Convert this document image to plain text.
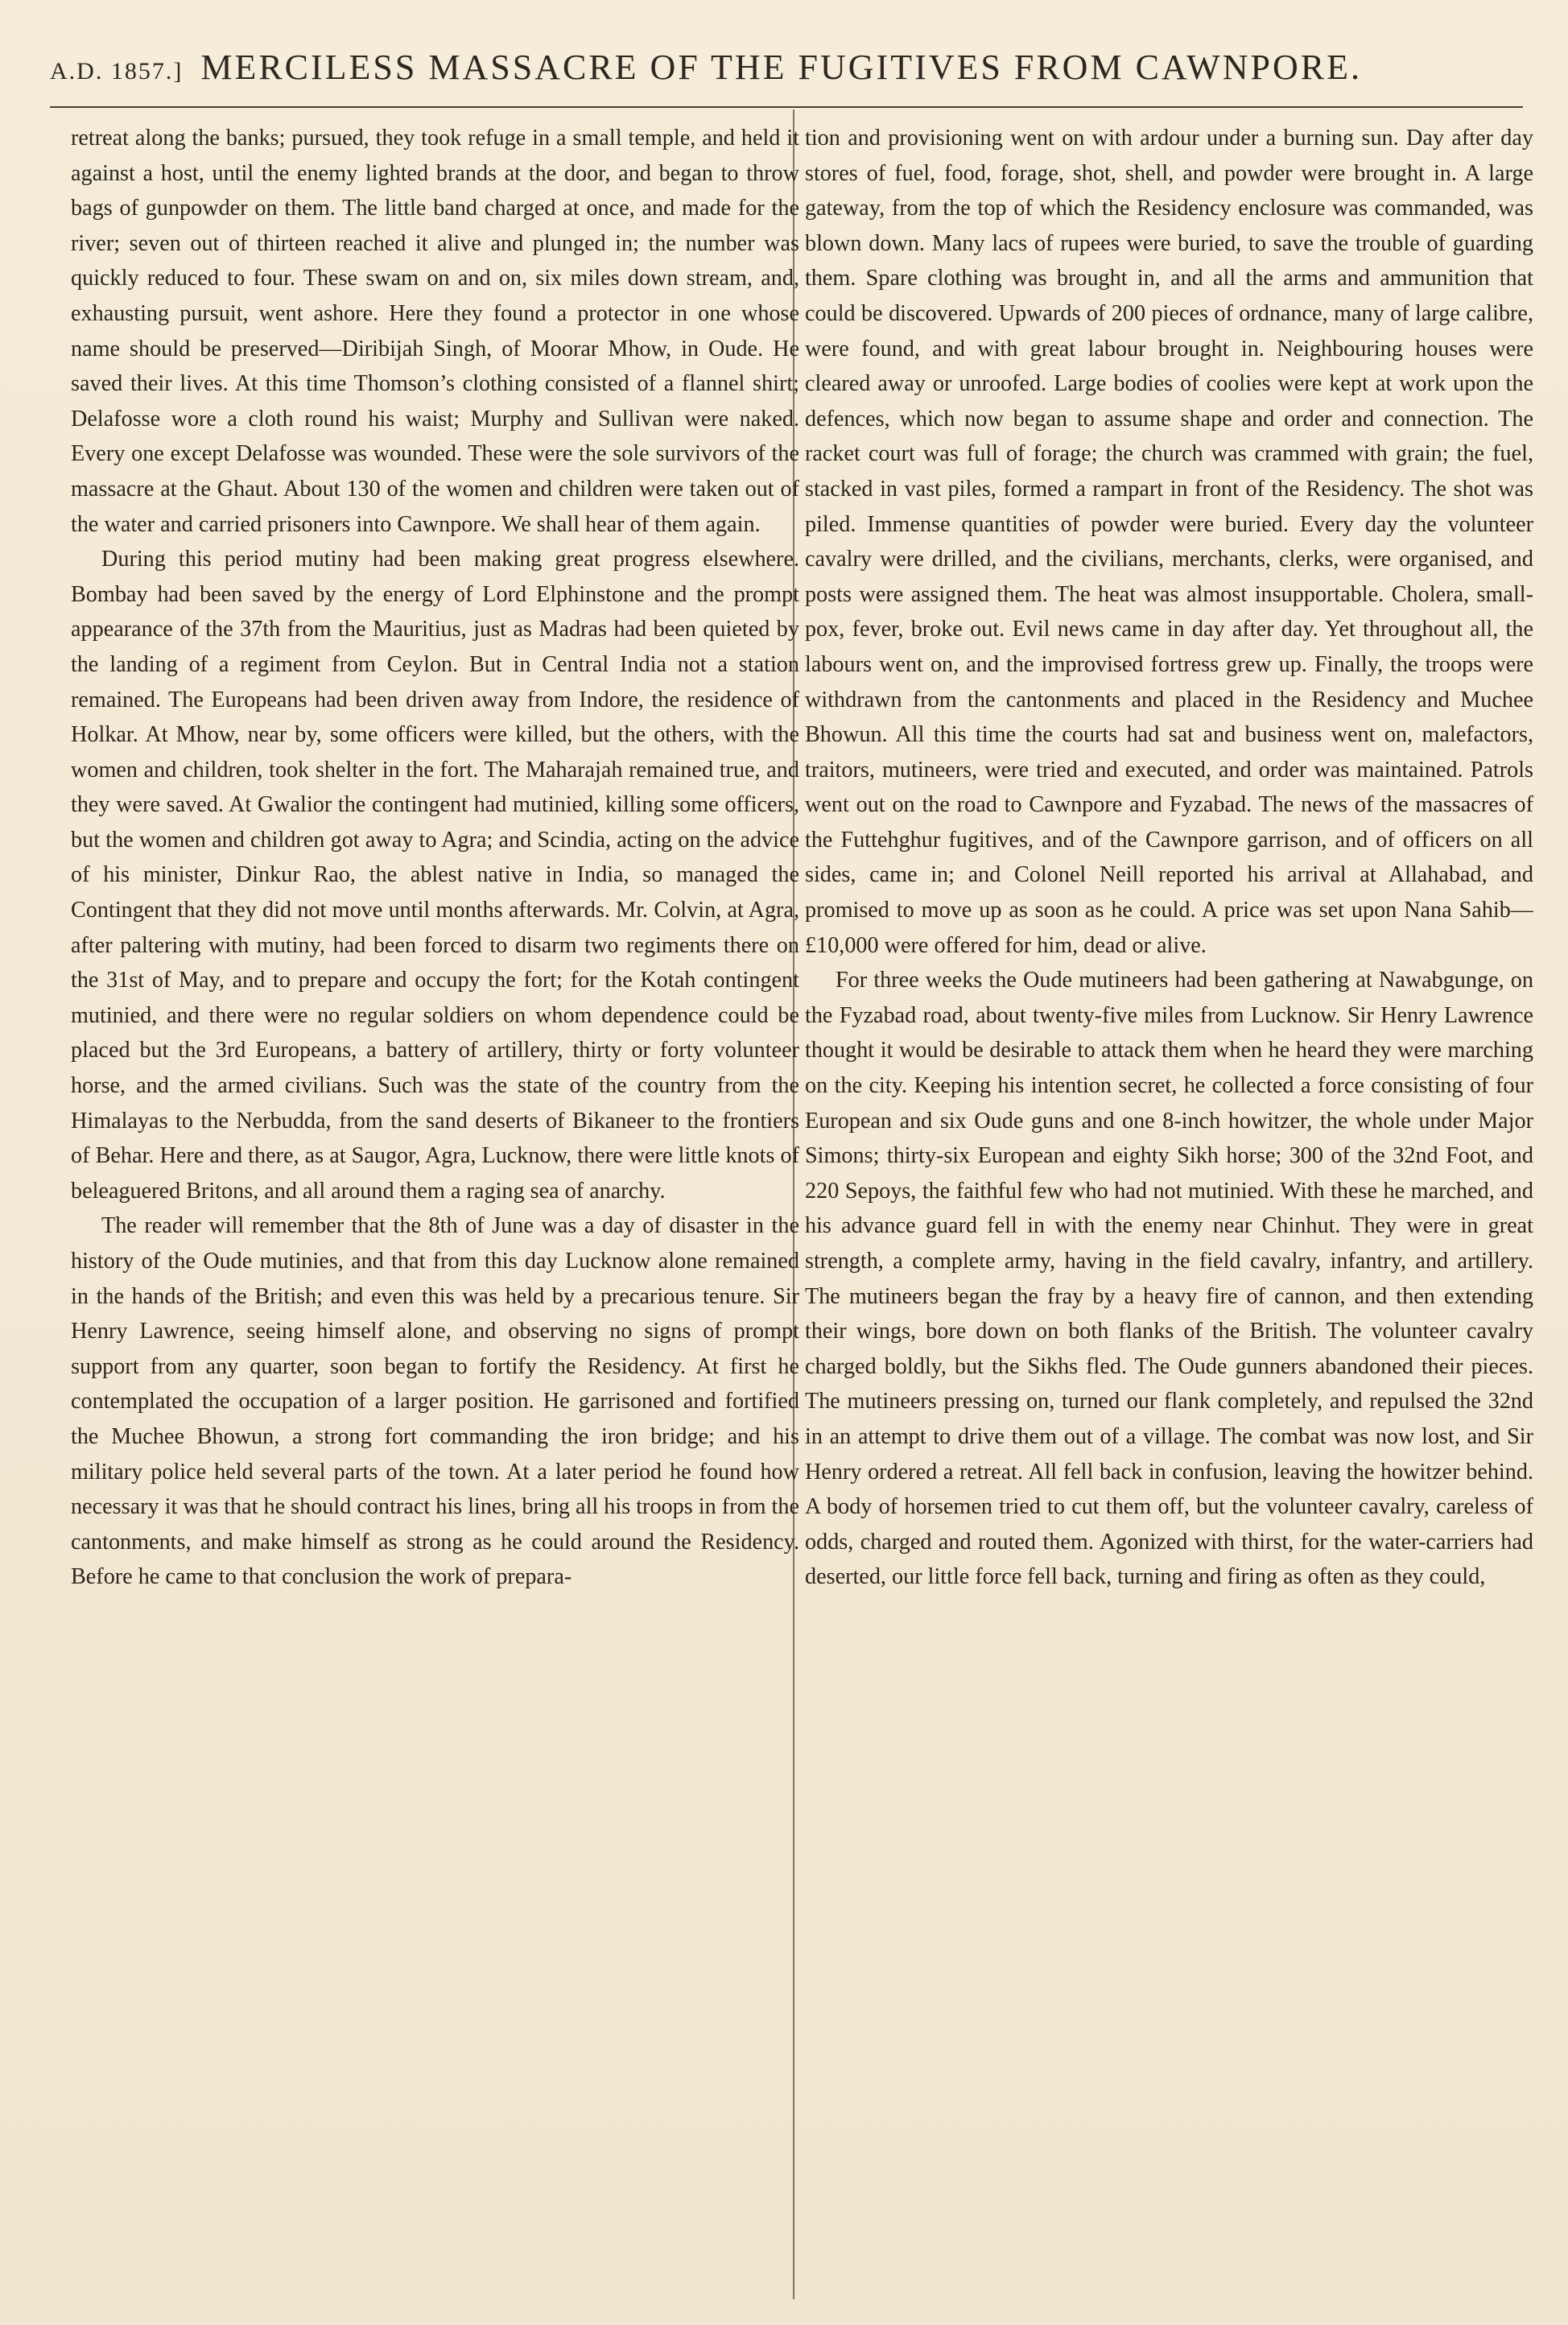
A.D. 1857.] MERCILESS MASSACRE OF THE FUGITIVES FROM CAWNPORE.

retreat along the banks; pursued, they took refuge in a small temple, and held it against a host, until the enemy lighted brands at the door, and began to throw bags of gunpowder on them. The little band charged at once, and made for the river; seven out of thirteen reached it alive and plunged in; the number was quickly reduced to four. These swam on and on, six miles down stream, and, exhausting pursuit, went ashore. Here they found a protector in one whose name should be preserved—Diribijah Singh, of Moorar Mhow, in Oude. He saved their lives. At this time Thomson’s clothing consisted of a flannel shirt; Delafosse wore a cloth round his waist; Murphy and Sullivan were naked. Every one except Delafosse was wounded. These were the sole survivors of the massacre at the Ghaut. About 130 of the women and children were taken out of the water and carried prisoners into Cawnpore. We shall hear of them again.

During this period mutiny had been making great progress elsewhere. Bombay had been saved by the energy of Lord Elphinstone and the prompt appearance of the 37th from the Mauritius, just as Madras had been quieted by the landing of a regiment from Ceylon. But in Central India not a station remained. The Europeans had been driven away from Indore, the residence of Holkar. At Mhow, near by, some officers were killed, but the others, with the women and children, took shelter in the fort. The Maharajah remained true, and they were saved. At Gwalior the contingent had mutinied, killing some officers, but the women and children got away to Agra; and Scindia, acting on the advice of his minister, Dinkur Rao, the ablest native in India, so managed the Contingent that they did not move until months afterwards. Mr. Colvin, at Agra, after paltering with mutiny, had been forced to disarm two regiments there on the 31st of May, and to prepare and occupy the fort; for the Kotah contingent mutinied, and there were no regular soldiers on whom dependence could be placed but the 3rd Europeans, a battery of artillery, thirty or forty volunteer horse, and the armed civilians. Such was the state of the country from the Himalayas to the Nerbudda, from the sand deserts of Bikaneer to the frontiers of Behar. Here and there, as at Saugor, Agra, Lucknow, there were little knots of beleaguered Britons, and all around them a raging sea of anarchy.

The reader will remember that the 8th of June was a day of disaster in the history of the Oude mutinies, and that from this day Lucknow alone remained in the hands of the British; and even this was held by a precarious tenure. Sir Henry Lawrence, seeing himself alone, and observing no signs of prompt support from any quarter, soon began to fortify the Residency. At first he contemplated the occupation of a larger position. He garrisoned and fortified the Muchee Bhowun, a strong fort commanding the iron bridge; and his military police held several parts of the town. At a later period he found how necessary it was that he should contract his lines, bring all his troops in from the cantonments, and make himself as strong as he could around the Residency. Before he came to that conclusion the work of prepara-

tion and provisioning went on with ardour under a burning sun. Day after day stores of fuel, food, forage, shot, shell, and powder were brought in. A large gateway, from the top of which the Residency enclosure was commanded, was blown down. Many lacs of rupees were buried, to save the trouble of guarding them. Spare clothing was brought in, and all the arms and ammunition that could be discovered. Upwards of 200 pieces of ordnance, many of large calibre, were found, and with great labour brought in. Neighbouring houses were cleared away or unroofed. Large bodies of coolies were kept at work upon the defences, which now began to assume shape and order and connection. The racket court was full of forage; the church was crammed with grain; the fuel, stacked in vast piles, formed a rampart in front of the Residency. The shot was piled. Immense quantities of powder were buried. Every day the volunteer cavalry were drilled, and the civilians, merchants, clerks, were organised, and posts were assigned them. The heat was almost insupportable. Cholera, small-pox, fever, broke out. Evil news came in day after day. Yet throughout all, the labours went on, and the improvised fortress grew up. Finally, the troops were withdrawn from the cantonments and placed in the Residency and Muchee Bhowun. All this time the courts had sat and business went on, malefactors, traitors, mutineers, were tried and executed, and order was maintained. Patrols went out on the road to Cawnpore and Fyzabad. The news of the massacres of the Futtehghur fugitives, and of the Cawnpore garrison, and of officers on all sides, came in; and Colonel Neill reported his arrival at Allahabad, and promised to move up as soon as he could. A price was set upon Nana Sahib—£10,000 were offered for him, dead or alive.

For three weeks the Oude mutineers had been gathering at Nawabgunge, on the Fyzabad road, about twenty-five miles from Lucknow. Sir Henry Lawrence thought it would be desirable to attack them when he heard they were marching on the city. Keeping his intention secret, he collected a force consisting of four European and six Oude guns and one 8-inch howitzer, the whole under Major Simons; thirty-six European and eighty Sikh horse; 300 of the 32nd Foot, and 220 Sepoys, the faithful few who had not mutinied. With these he marched, and his advance guard fell in with the enemy near Chinhut. They were in great strength, a complete army, having in the field cavalry, infantry, and artillery. The mutineers began the fray by a heavy fire of cannon, and then extending their wings, bore down on both flanks of the British. The volunteer cavalry charged boldly, but the Sikhs fled. The Oude gunners abandoned their pieces. The mutineers pressing on, turned our flank completely, and repulsed the 32nd in an attempt to drive them out of a village. The combat was now lost, and Sir Henry ordered a retreat. All fell back in confusion, leaving the howitzer behind. A body of horsemen tried to cut them off, but the volunteer cavalry, careless of odds, charged and routed them. Agonized with thirst, for the water-carriers had deserted, our little force fell back, turning and firing as often as they could,
